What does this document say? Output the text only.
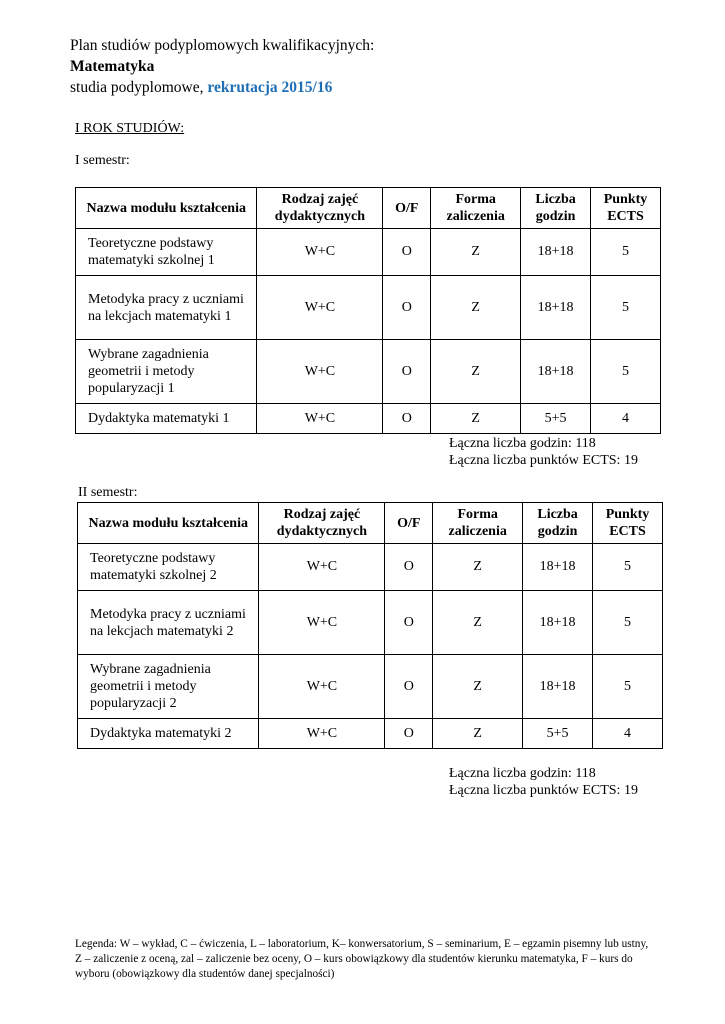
Plan studiów podyplomowych kwalifikacyjnych:
Matematyka
studia podyplomowe, rekrutacja 2015/16
I ROK STUDIÓW:
I semestr:
Nazwa modułu kształcenia	Rodzaj zajęć dydaktycznych	O/F	Forma zaliczenia	Liczba godzin	Punkty ECTS
Teoretyczne podstawy matematyki szkolnej 1	W+C	O	Z	18+18	5
Metodyka pracy z uczniami na lekcjach matematyki 1	W+C	O	Z	18+18	5
Wybrane zagadnienia geometrii i metody popularyzacji 1	W+C	O	Z	18+18	5
Dydaktyka matematyki 1	W+C	O	Z	5+5	4
Łączna liczba godzin: 118
Łączna liczba punktów ECTS: 19
II semestr:
Nazwa modułu kształcenia	Rodzaj zajęć dydaktycznych	O/F	Forma zaliczenia	Liczba godzin	Punkty ECTS
Teoretyczne podstawy matematyki szkolnej 2	W+C	O	Z	18+18	5
Metodyka pracy z uczniami na lekcjach matematyki 2	W+C	O	Z	18+18	5
Wybrane zagadnienia geometrii i metody popularyzacji 2	W+C	O	Z	18+18	5
Dydaktyka matematyki 2	W+C	O	Z	5+5	4
Łączna liczba godzin: 118
Łączna liczba punktów ECTS: 19
Legenda: W – wykład, C – ćwiczenia, L – laboratorium, K– konwersatorium, S – seminarium, E – egzamin pisemny lub ustny, Z – zaliczenie z oceną, zal – zaliczenie bez oceny, O – kurs obowiązkowy dla studentów kierunku matematyka, F – kurs do wyboru (obowiązkowy dla studentów danej specjalności)
